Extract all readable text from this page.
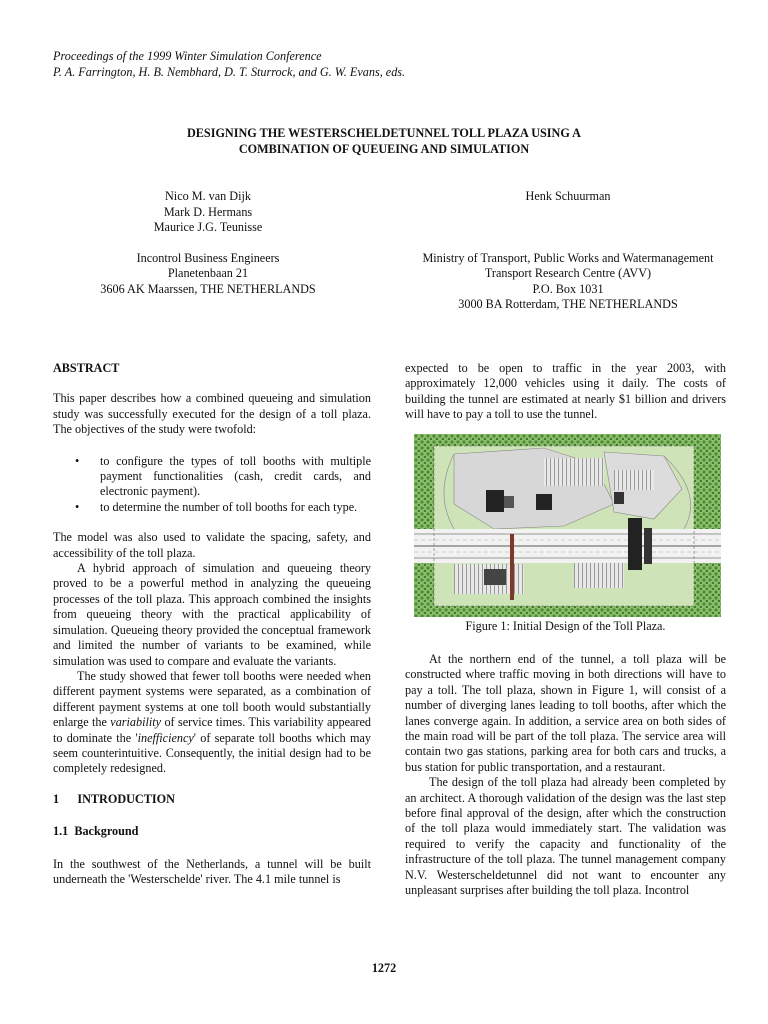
Proceedings of the 1999 Winter Simulation Conference
P. A. Farrington, H. B. Nembhard, D. T. Sturrock, and G. W. Evans, eds.
DESIGNING THE WESTERSCHELDETUNNEL TOLL PLAZA USING A
COMBINATION OF QUEUEING AND SIMULATION
Nico M. van Dijk
Mark D. Hermans
Maurice J.G. Teunisse
Incontrol Business Engineers
Planetenbaan 21
3606 AK Maarssen, THE NETHERLANDS
Henk Schuurman
Ministry of Transport, Public Works and Watermanagement
Transport Research Centre (AVV)
P.O. Box 1031
3000 BA Rotterdam, THE NETHERLANDS

ABSTRACT

This paper describes how a combined queueing and simulation study was successfully executed for the design of a toll plaza. The objectives of the study were twofold:

• to configure the types of toll booths with multiple payment functionalities (cash, credit cards, and electronic payment).
• to determine the number of toll booths for each type.

The model was also used to validate the spacing, safety, and accessibility of the toll plaza.

A hybrid approach of simulation and queueing theory proved to be a powerful method in analyzing the queueing processes of the toll plaza. This approach combined the insights from queueing theory with the practical applicability of simulation. Queueing theory provided the conceptual framework and limited the number of variants to be examined, while simulation was used to compare and evaluate the variants.

The study showed that fewer toll booths were needed when different payment systems were separated, as a combination of different payment systems at one toll booth would substantially enlarge the variability of service times. This variability appeared to dominate the 'inefficiency' of separate toll booths which may seem counterintuitive. Consequently, the initial design had to be completely redesigned.

1      INTRODUCTION

1.1  Background

In the southwest of the Netherlands, a tunnel will be built underneath the 'Westerschelde' river. The 4.1 mile tunnel is

expected to be open to traffic in the year 2003, with approximately 12,000 vehicles using it daily. The costs of building the tunnel are estimated at nearly $1 billion and drivers will have to pay a toll to use the tunnel.

Figure 1: Initial Design of the Toll Plaza.

At the northern end of the tunnel, a toll plaza will be constructed where traffic moving in both directions will have to pay a toll. The toll plaza, shown in Figure 1, will consist of a number of diverging lanes leading to toll booths, after which the lanes converge again. In addition, a service area on both sides of the main road will be part of the toll plaza. The service area will contain two gas stations, parking area for both cars and trucks, a bus station for public transportation, and a restaurant.

The design of the toll plaza had already been completed by an architect. A thorough validation of the design was the last step before final approval of the design, after which the construction of the toll plaza would immediately start. The validation was required to verify the capacity and functionality of the infrastructure of the toll plaza. The tunnel management company N.V. Westerscheldetunnel did not want to encounter any unpleasant surprises after building the toll plaza. Incontrol

1272
